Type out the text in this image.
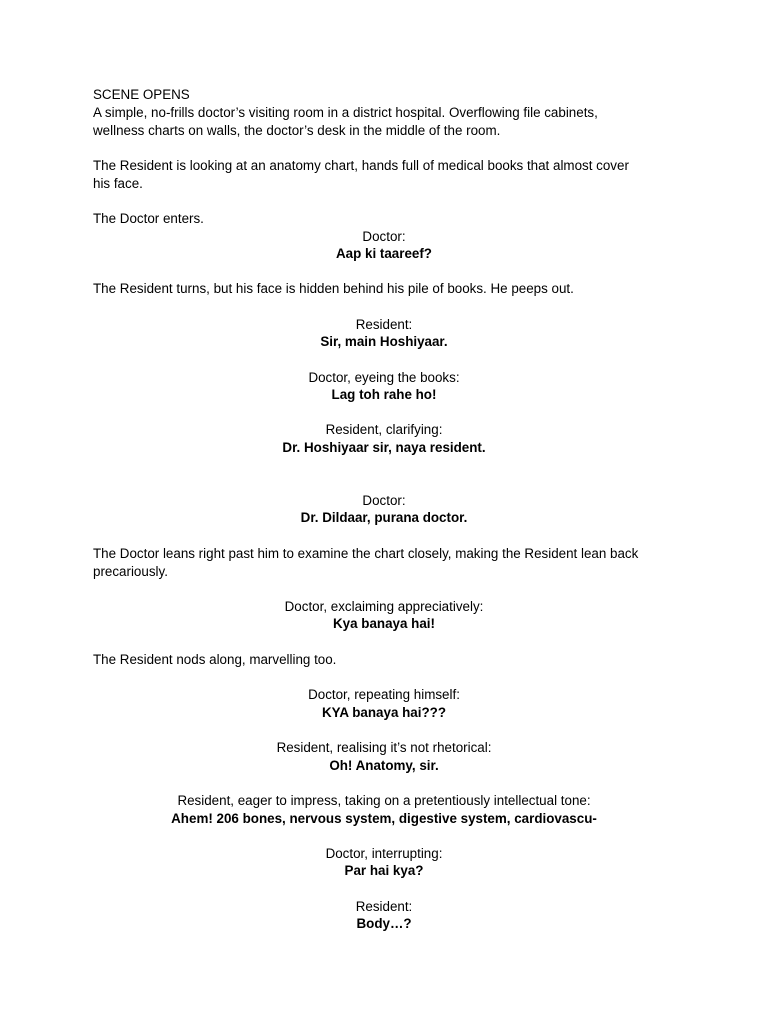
SCENE OPENS
A simple, no-frills doctor’s visiting room in a district hospital. Overflowing file cabinets,
wellness charts on walls, the doctor’s desk in the middle of the room.
The Resident is looking at an anatomy chart, hands full of medical books that almost cover
his face.
The Doctor enters.
Doctor:
Aap ki taareef?
The Resident turns, but his face is hidden behind his pile of books. He peeps out.
Resident:
Sir, main Hoshiyaar.
Doctor, eyeing the books:
Lag toh rahe ho!
Resident, clarifying:
Dr. Hoshiyaar sir, naya resident.
Doctor:
Dr. Dildaar, purana doctor.
The Doctor leans right past him to examine the chart closely, making the Resident lean back
precariously.
Doctor, exclaiming appreciatively:
Kya banaya hai!
The Resident nods along, marvelling too.
Doctor, repeating himself:
KYA banaya hai???
Resident, realising it’s not rhetorical:
Oh! Anatomy, sir.
Resident, eager to impress, taking on a pretentiously intellectual tone:
Ahem! 206 bones, nervous system, digestive system, cardiovascu-
Doctor, interrupting:
Par hai kya?
Resident:
Body…?
